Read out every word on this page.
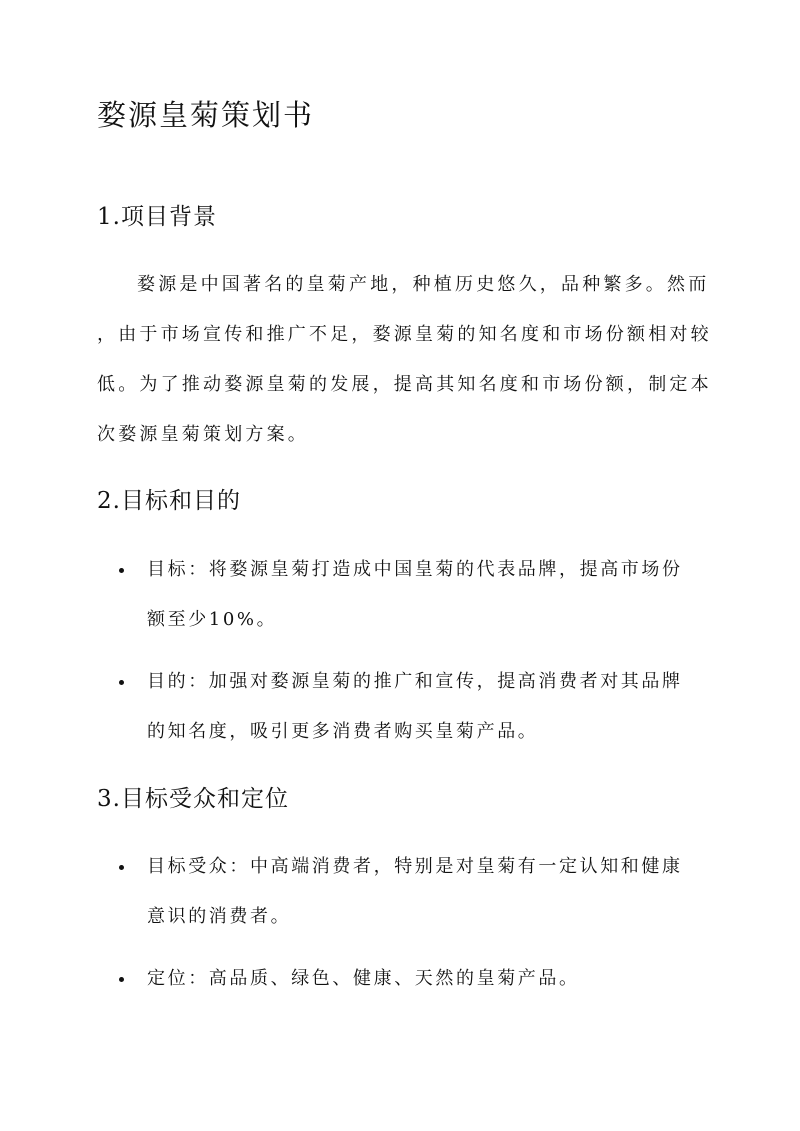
婺源皇菊策划书
1.项目背景

婺源是中国著名的皇菊产地，种植历史悠久，品种繁多。然而

，由于市场宣传和推广不足，婺源皇菊的知名度和市场份额相对较

低。为了推动婺源皇菊的发展，提高其知名度和市场份额，制定本

次婺源皇菊策划方案。

2.目标和目的

目标：将婺源皇菊打造成中国皇菊的代表品牌，提高市场份

额至少10%。

目的：加强对婺源皇菊的推广和宣传，提高消费者对其品牌

的知名度，吸引更多消费者购买皇菊产品。

3.目标受众和定位

目标受众：中高端消费者，特别是对皇菊有一定认知和健康

意识的消费者。

定位：高品质、绿色、健康、天然的皇菊产品。
